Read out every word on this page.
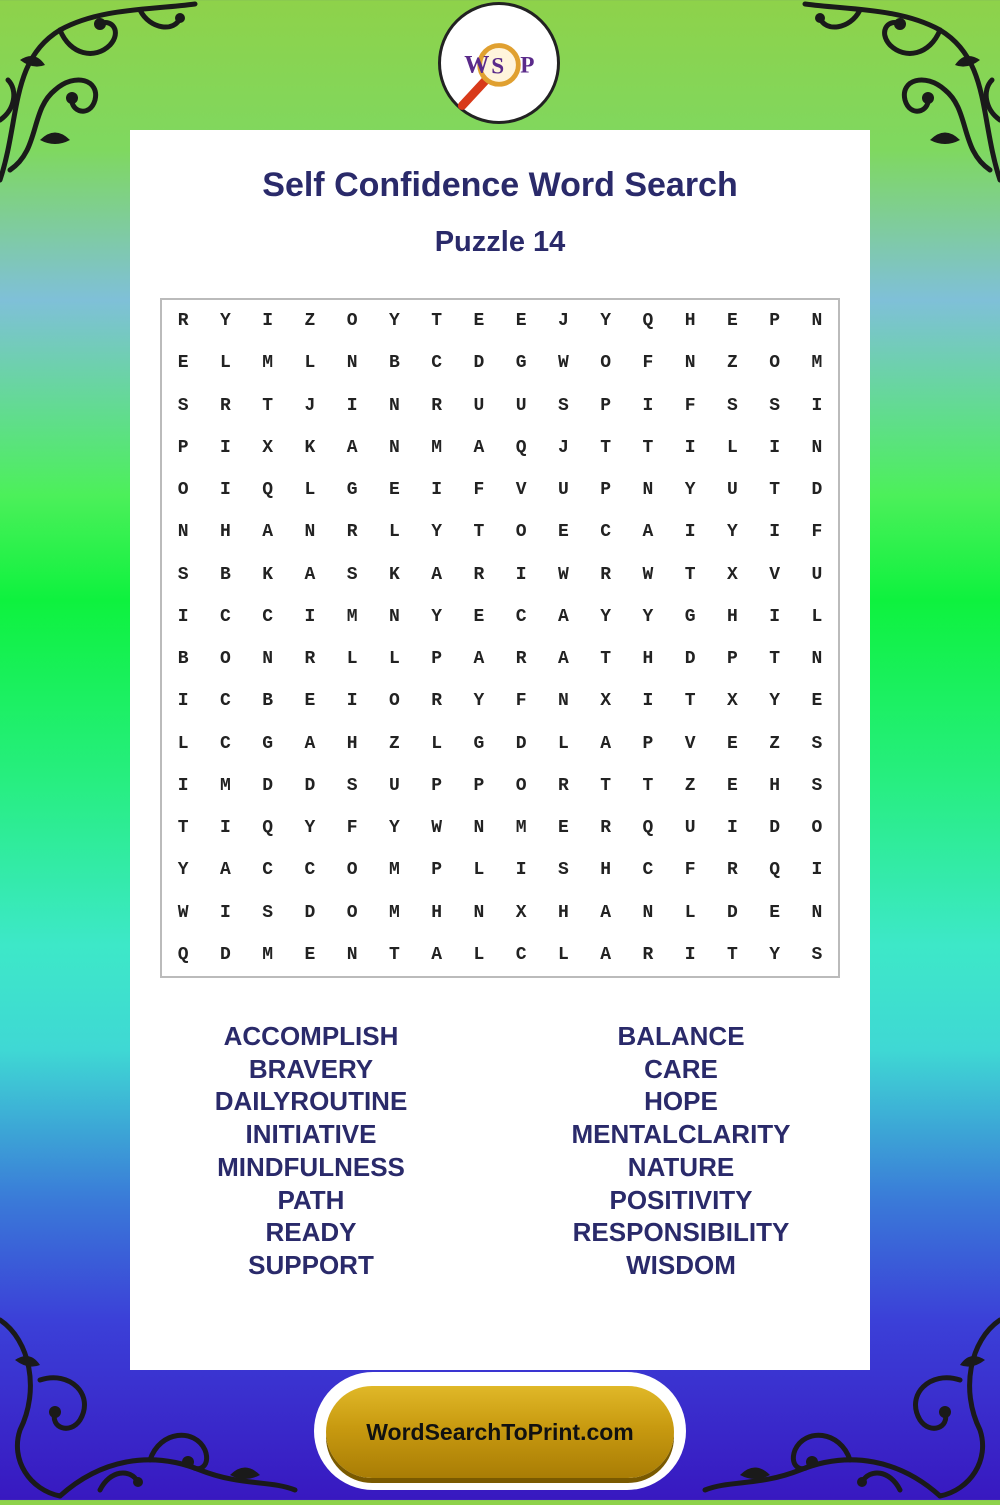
W S P
Self Confidence Word Search
Puzzle 14
R	Y	I	Z	O	Y	T	E	E	J	Y	Q	H	E	P	N
E	L	M	L	N	B	C	D	G	W	O	F	N	Z	O	M
S	R	T	J	I	N	R	U	U	S	P	I	F	S	S	I
P	I	X	K	A	N	M	A	Q	J	T	T	I	L	I	N
O	I	Q	L	G	E	I	F	V	U	P	N	Y	U	T	D
N	H	A	N	R	L	Y	T	O	E	C	A	I	Y	I	F
S	B	K	A	S	K	A	R	I	W	R	W	T	X	V	U
I	C	C	I	M	N	Y	E	C	A	Y	Y	G	H	I	L
B	O	N	R	L	L	P	A	R	A	T	H	D	P	T	N
I	C	B	E	I	O	R	Y	F	N	X	I	T	X	Y	E
L	C	G	A	H	Z	L	G	D	L	A	P	V	E	Z	S
I	M	D	D	S	U	P	P	O	R	T	T	Z	E	H	S
T	I	Q	Y	F	Y	W	N	M	E	R	Q	U	I	D	O
Y	A	C	C	O	M	P	L	I	S	H	C	F	R	Q	I
W	I	S	D	O	M	H	N	X	H	A	N	L	D	E	N
Q	D	M	E	N	T	A	L	C	L	A	R	I	T	Y	S
ACCOMPLISH
BRAVERY
DAILYROUTINE
INITIATIVE
MINDFULNESS
PATH
READY
SUPPORT
BALANCE
CARE
HOPE
MENTALCLARITY
NATURE
POSITIVITY
RESPONSIBILITY
WISDOM
WordSearchToPrint.com
